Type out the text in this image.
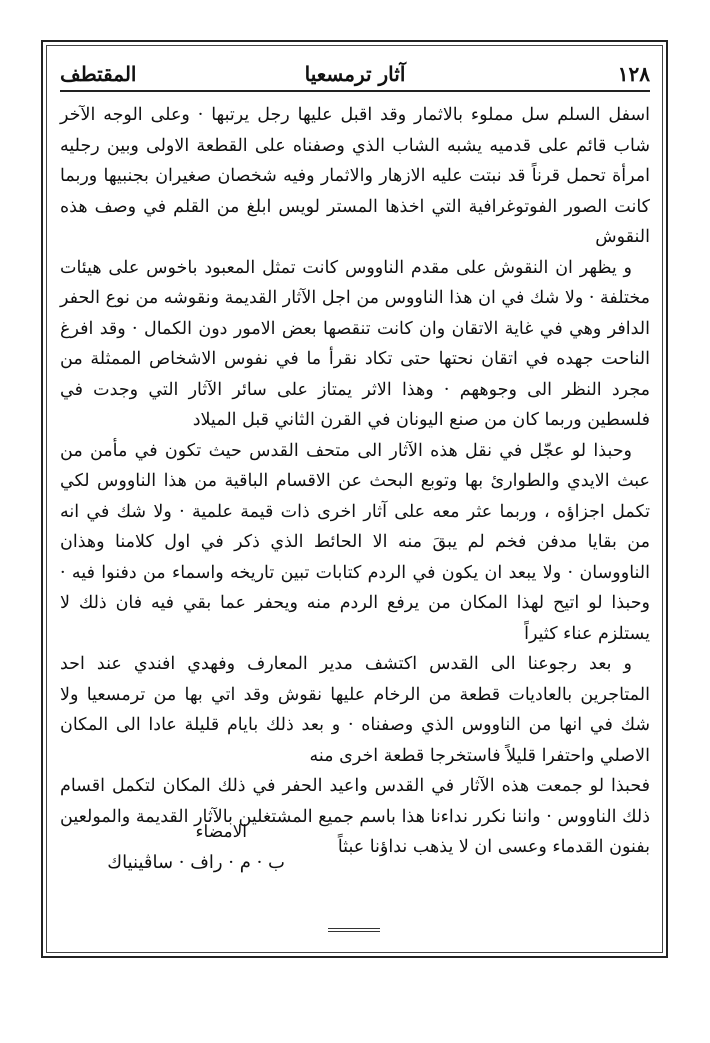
١٢٨
آثار ترمسعيا
المقتطف

اسفل السلم سل مملوء بالاثمار وقد اقبل عليها رجل يرتبها · وعلى الوجه الآخر شاب قائم على قدميه يشبه الشاب الذي وصفناه على القطعة الاولى وبين رجليه امرأة تحمل قرناً قد نبتت عليه الازهار والاثمار وفيه شخصان صغيران بجنبيها وربما كانت الصور الفوتوغرافية التي اخذها المستر لويس ابلغ من القلم في وصف هذه النقوش

و يظهر ان النقوش على مقدم الناووس كانت تمثل المعبود باخوس على هيئات مختلفة · ولا شك في ان هذا الناووس من اجل الآثار القديمة ونقوشه من نوع الحفر الدافر وهي في غاية الاتقان وان كانت تنقصها بعض الامور دون الكمال · وقد افرغ الناحت جهده في اتقان نحتها حتى تكاد نقرأ ما في نفوس الاشخاص الممثلة من مجرد النظر الى وجوههم · وهذا الاثر يمتاز على سائر الآثار التي وجدت في فلسطين وربما كان من صنع اليونان في القرن الثاني قبل الميلاد

وحبذا لو عجّل في نقل هذه الآثار الى متحف القدس حيث تكون في مأمن من عبث الايدي والطوارئ بها وتوبع البحث عن الاقسام الباقية من هذا الناووس لكي تكمل اجزاؤه ، وربما عثر معه على آثار اخرى ذات قيمة علمية · ولا شك في انه من بقايا مدفن فخم لم يبقَ منه الا الحائط الذي ذكر في اول كلامنا وهذان الناووسان · ولا يبعد ان يكون في الردم كتابات تبين تاريخه واسماء من دفنوا فيه · وحبذا لو اتيح لهذا المكان من يرفع الردم منه ويحفر عما بقي فيه فان ذلك لا يستلزم عناء كثيراً

و بعد رجوعنا الى القدس اكتشف مدير المعارف وفهدي افندي عند احد المتاجرين بالعاديات قطعة من الرخام عليها نقوش وقد اتي بها من ترمسعيا ولا شك في انها من الناووس الذي وصفناه · و بعد ذلك بايام قليلة عادا الى المكان الاصلي واحتفرا قليلاً فاستخرجا قطعة اخرى منه

فحبذا لو جمعت هذه الآثار في القدس واعيد الحفر في ذلك المكان لتكمل اقسام ذلك الناووس · واننا نكرر نداءنا هذا باسم جميع المشتغلين بالآثار القديمة والمولعين بفنون القدماء وعسى ان لا يذهب نداؤنا عبثاً

الامضاء
ب · م · راف · ساڤينياك
